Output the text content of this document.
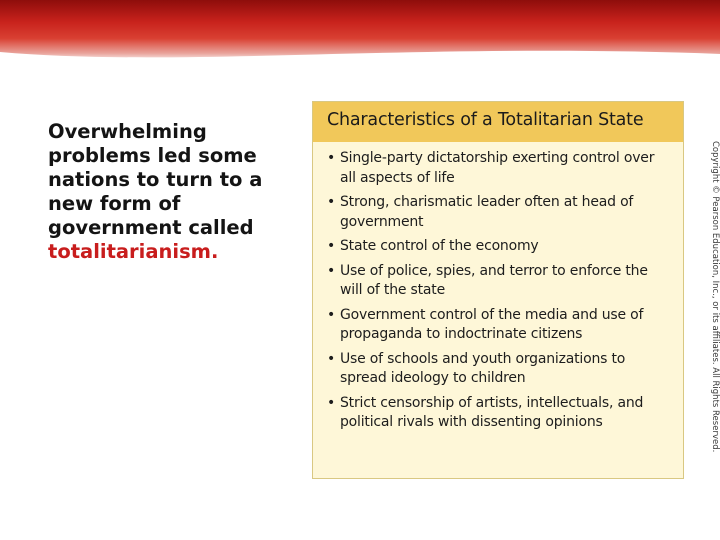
Overwhelming problems led some nations to turn to a new form of government called totalitarianism.

Characteristics of a Totalitarian State
• Single-party dictatorship exerting control over all aspects of life
• Strong, charismatic leader often at head of government
• State control of the economy
• Use of police, spies, and terror to enforce the will of the state
• Government control of the media and use of propaganda to indoctrinate citizens
• Use of schools and youth organizations to spread ideology to children
• Strict censorship of artists, intellectuals, and political rivals with dissenting opinions	Copyright © Pearson Education, Inc., or its affiliates. All Rights Reserved.
